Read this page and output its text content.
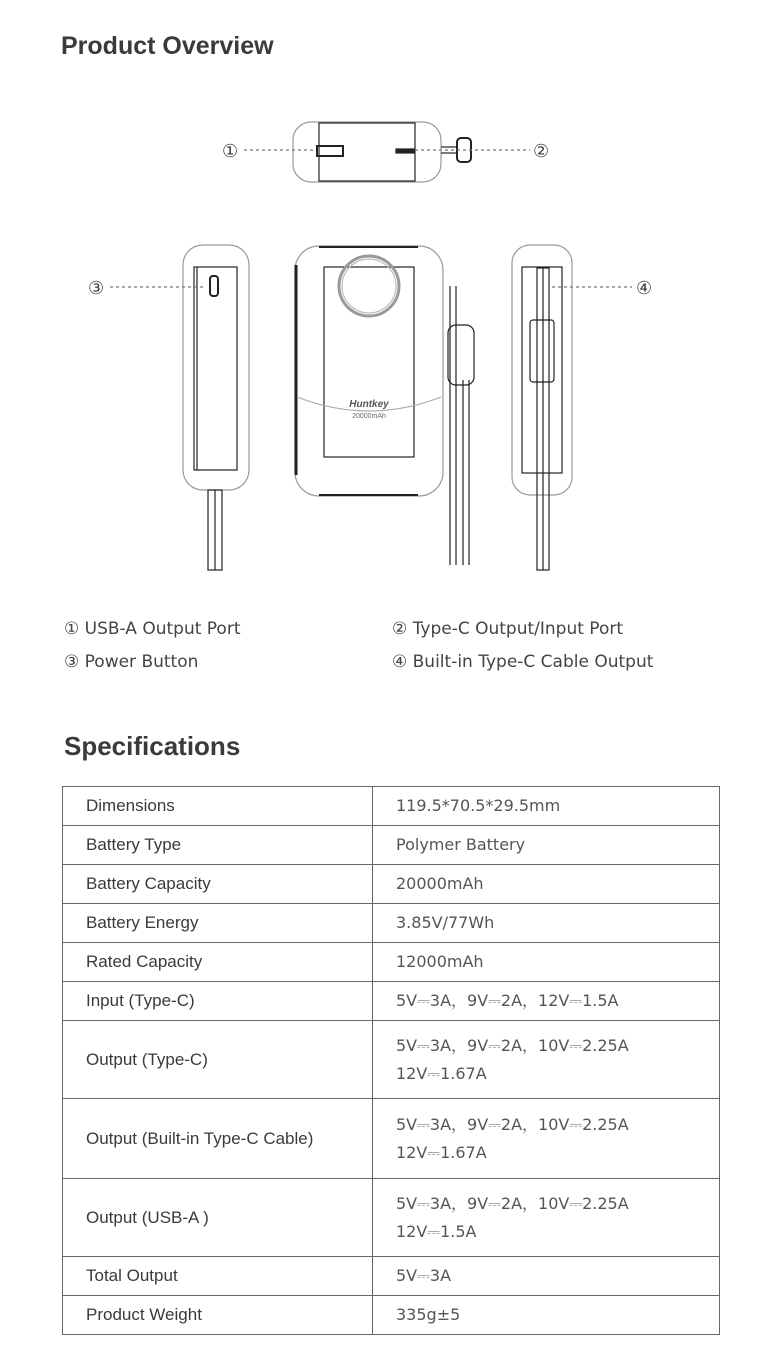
Product Overview
①	②
③
Huntkey
20000mAh
④
① USB-A Output Port	② Type-C Output/Input Port
③ Power Button	④ Built-in Type-C Cable Output
Specifications
Dimensions	119.5*70.5*29.5mm

Battery Type	Polymer Battery

Battery Capacity	20000mAh

Battery Energy	3.85V/77Wh

Rated Capacity	12000mAh

Input (Type-C)	5V⎓3A，9V⎓2A，12V⎓1.5A

Output (Type-C)	5V⎓3A，9V⎓2A，10V⎓2.25A
12V⎓1.67A

Output (Built-in Type-C Cable)	5V⎓3A，9V⎓2A，10V⎓2.25A
12V⎓1.67A

Output (USB-A )	5V⎓3A，9V⎓2A，10V⎓2.25A
12V⎓1.5A

Total Output	5V⎓3A

Product Weight	335g±5
